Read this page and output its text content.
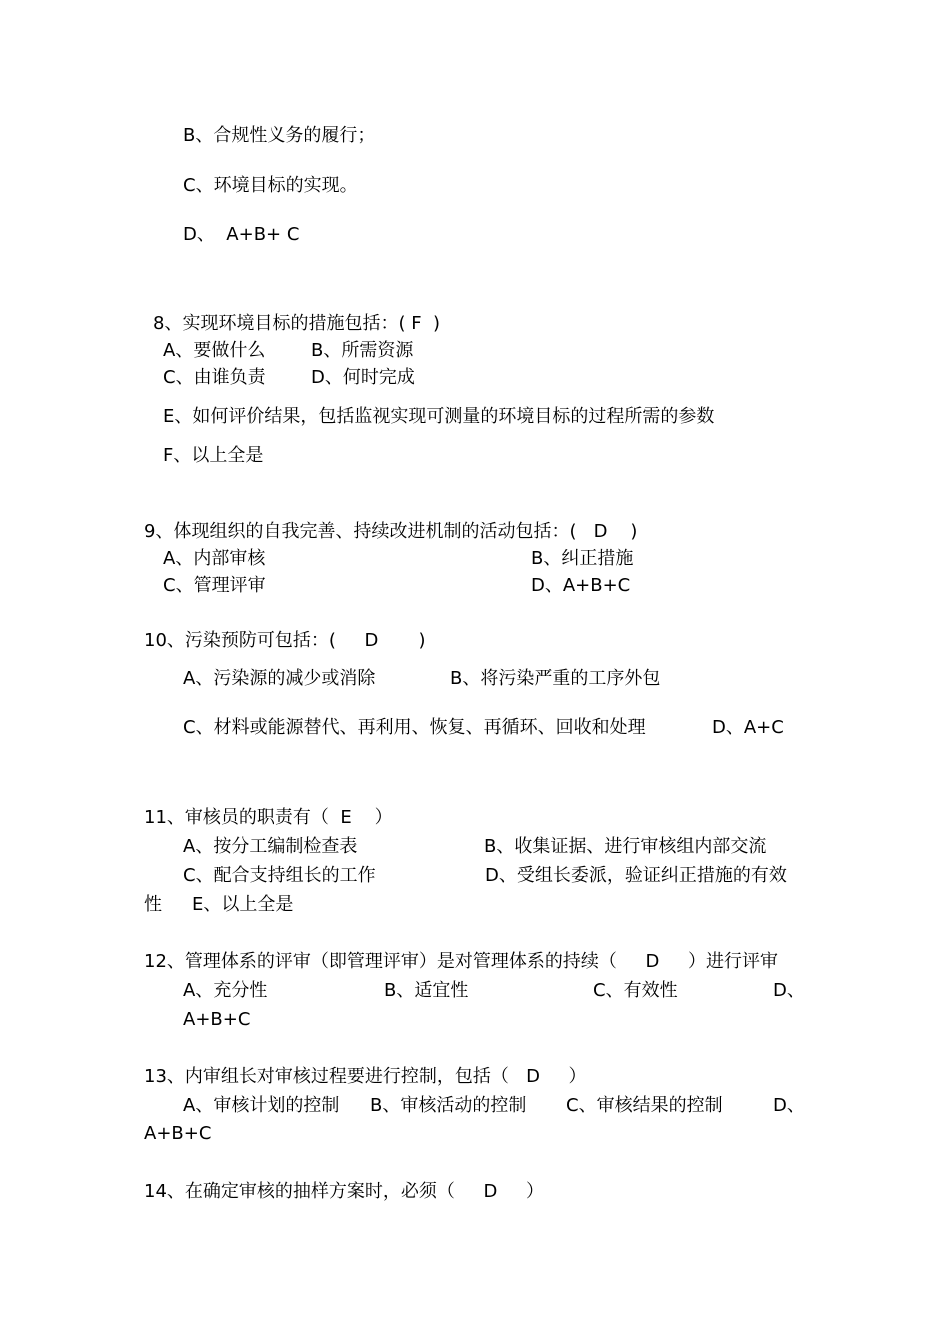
B、合规性义务的履行；
C、环境目标的实现。
D、  A+B+ C
8、实现环境目标的措施包括：( F  )
A、要做什么	B、所需资源
C、由谁负责	D、何时完成
E、如何评价结果，包括监视实现可测量的环境目标的过程所需的参数
F、以上全是
9、体现组织的自我完善、持续改进机制的活动包括：(   D    )
A、内部审核	B、纠正措施
C、管理评审	D、A+B+C
10、污染预防可包括：(     D       )
A、污染源的减少或消除	B、将污染严重的工序外包
C、材料或能源替代、再利用、恢复、再循环、回收和处理	D、A+C
11、审核员的职责有（  E    ）
A、按分工编制检查表	B、收集证据、进行审核组内部交流
C、配合支持组长的工作	D、受组长委派，验证纠正措施的有效
性 E、以上全是
12、管理体系的评审（即管理评审）是对管理体系的持续（     D     ）进行评审
A、充分性	B、适宜性	C、有效性	D、
A+B+C
13、内审组长对审核过程要进行控制，包括（   D     ）
A、审核计划的控制 B、审核活动的控制 C、审核结果的控制	D、
A+B+C
14、在确定审核的抽样方案时，必须（     D     ）
